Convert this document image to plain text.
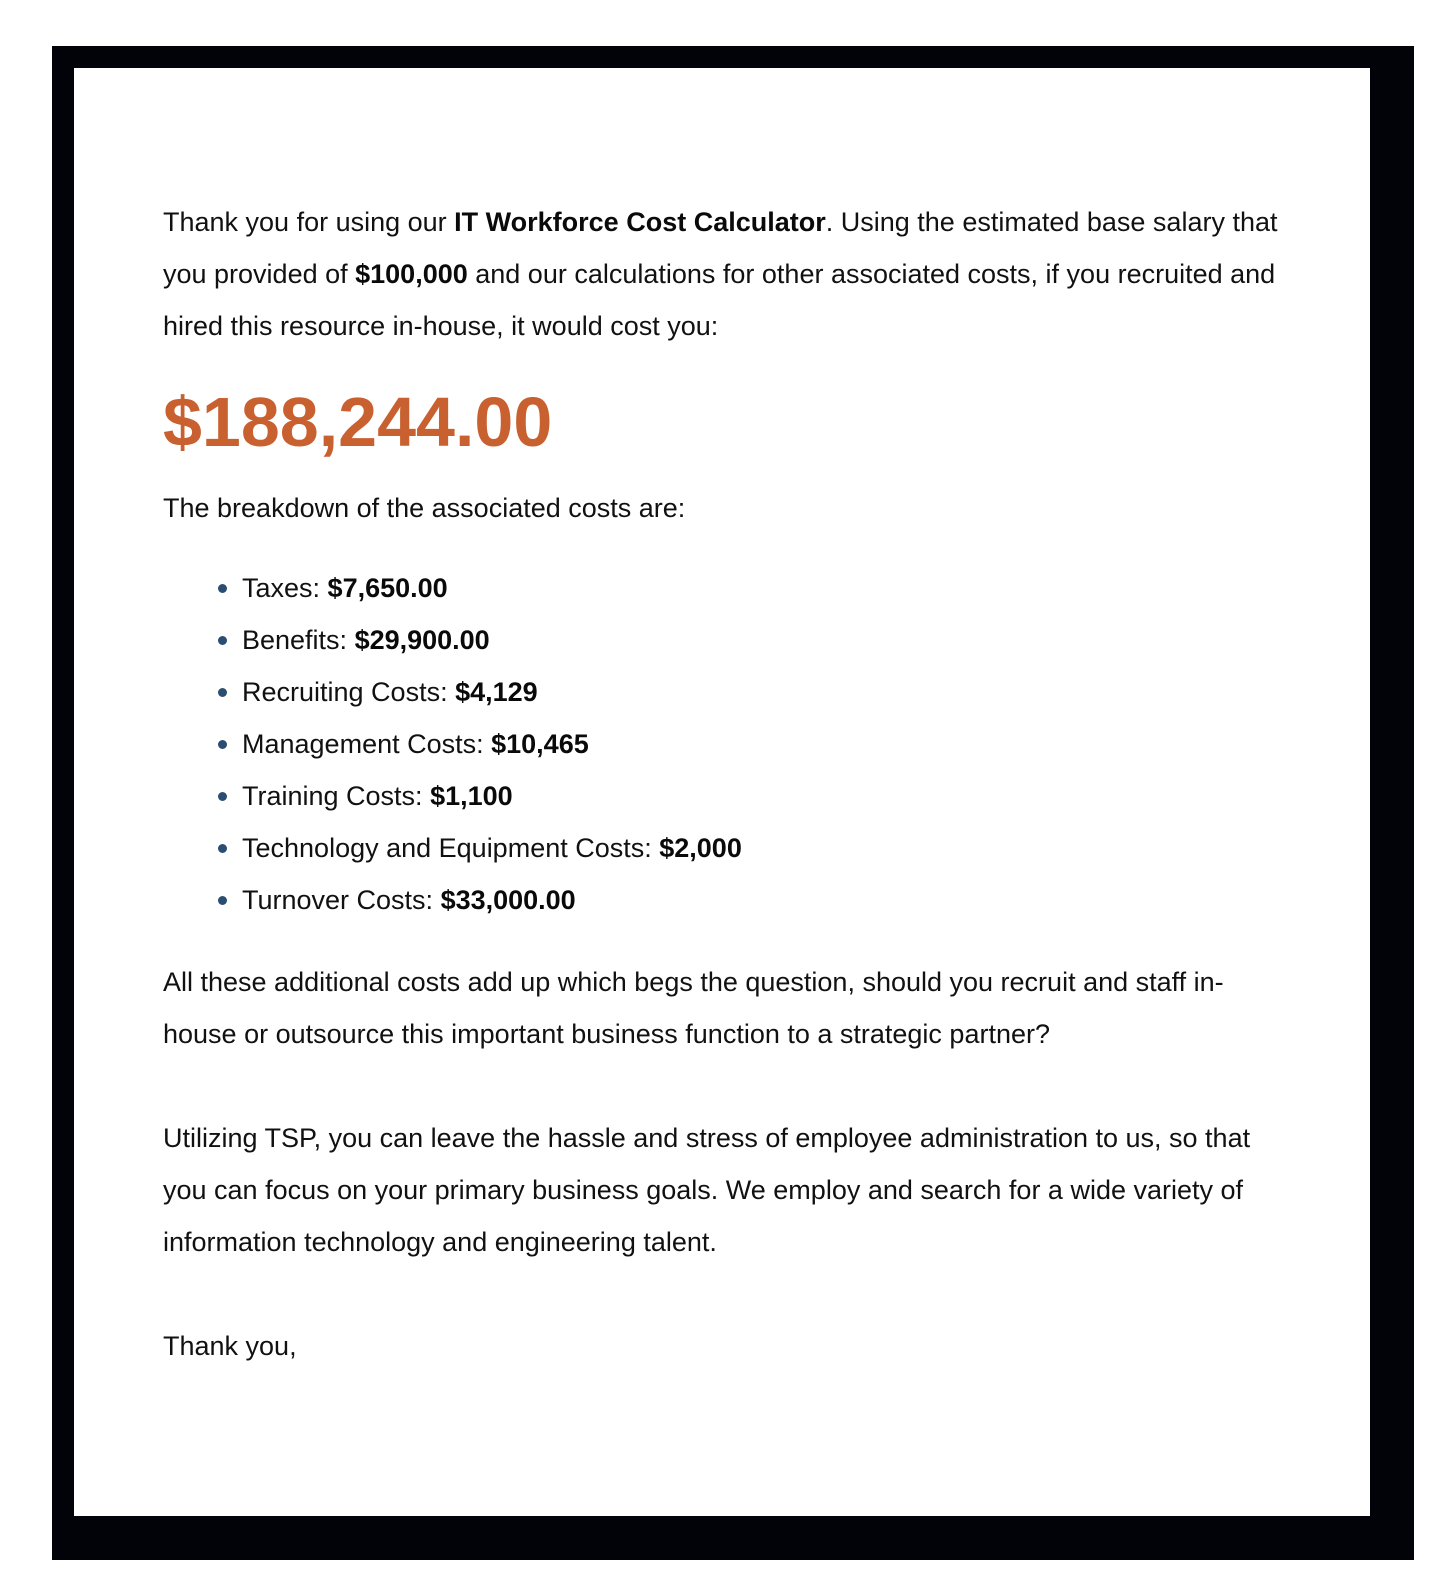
Thank you for using our IT Workforce Cost Calculator. Using the estimated base salary that you provided of $100,000 and our calculations for other associated costs, if you recruited and hired this resource in-house, it would cost you:

$188,244.00

The breakdown of the associated costs are:

Taxes: $7,650.00
Benefits: $29,900.00
Recruiting Costs: $4,129
Management Costs: $10,465
Training Costs: $1,100
Technology and Equipment Costs: $2,000
Turnover Costs: $33,000.00

All these additional costs add up which begs the question, should you recruit and staff in-house or outsource this important business function to a strategic partner?

Utilizing TSP, you can leave the hassle and stress of employee administration to us, so that you can focus on your primary business goals. We employ and search for a wide variety of information technology and engineering talent.

Thank you,
